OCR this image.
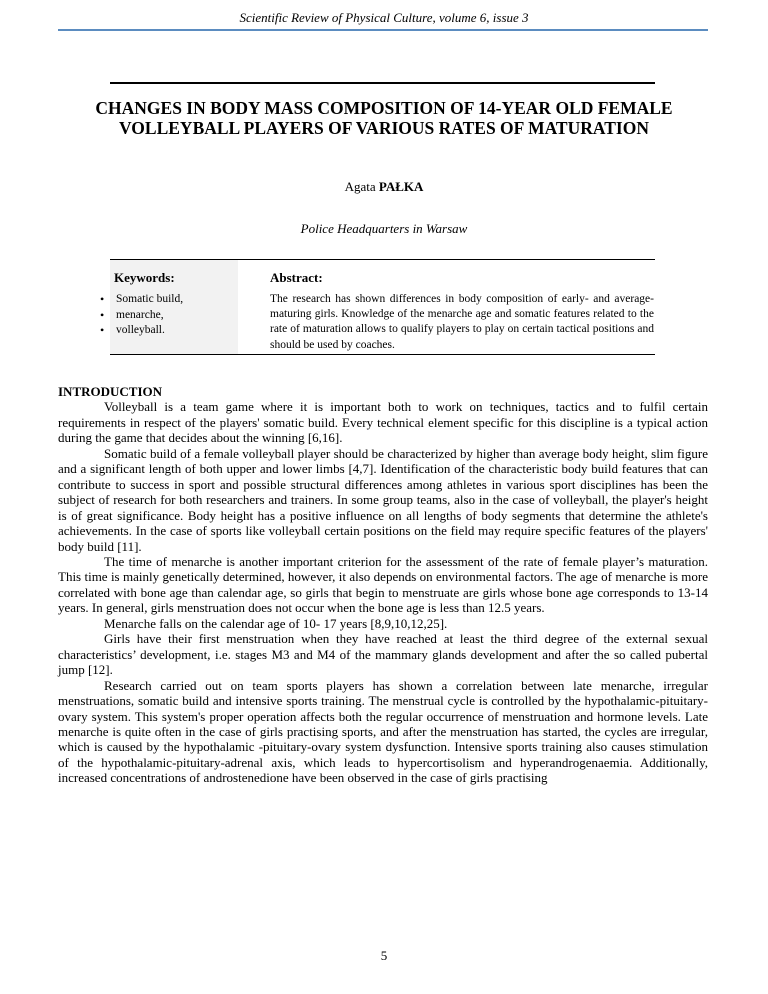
Scientific Review of Physical Culture, volume 6, issue 3
CHANGES IN BODY MASS COMPOSITION OF 14-YEAR OLD FEMALE VOLLEYBALL PLAYERS OF VARIOUS RATES OF MATURATION
Agata PAŁKA
Police Headquarters in Warsaw
Keywords:
• Somatic build,
• menarche,
• volleyball.
Abstract:
The research has shown differences in body composition of early- and average-maturing girls. Knowledge of the menarche age and somatic features related to the rate of maturation allows to qualify players to play on certain tactical positions and should be used by coaches.
INTRODUCTION

Volleyball is a team game where it is important both to work on techniques, tactics and to fulfil certain requirements in respect of the players' somatic build. Every technical element specific for this discipline is a typical action during the game that decides about the winning [6,16].

Somatic build of a female volleyball player should be characterized by higher than average body height, slim figure and a significant length of both upper and lower limbs [4,7]. Identification of the characteristic body build features that can contribute to success in sport and possible structural differences among athletes in various sport disciplines has been the subject of research for both researchers and trainers. In some group teams, also in the case of volleyball, the player's height is of great significance. Body height has a positive influence on all lengths of body segments that determine the athlete's achievements. In the case of sports like volleyball certain positions on the field may require specific features of the players' body build [11].

The time of menarche is another important criterion for the assessment of the rate of female player’s maturation. This time is mainly genetically determined, however, it also depends on environmental factors. The age of menarche is more correlated with bone age than calendar age, so girls that begin to menstruate are girls whose bone age corresponds to 13-14 years. In general, girls menstruation does not occur when the bone age is less than 12.5 years.

Menarche falls on the calendar age of 10- 17 years [8,9,10,12,25].

Girls have their first menstruation when they have reached at least the third degree of the external sexual characteristics’ development, i.e. stages M3 and M4 of the mammary glands development and after the so called pubertal jump [12].

Research carried out on team sports players has shown a correlation between late menarche, irregular menstruations, somatic build and intensive sports training. The menstrual cycle is controlled by the hypothalamic-pituitary-ovary system. This system's proper operation affects both the regular occurrence of menstruation and hormone levels. Late menarche is quite often in the case of girls practising sports, and after the menstruation has started, the cycles are irregular, which is caused by the hypothalamic -pituitary-ovary system dysfunction. Intensive sports training also causes stimulation of the hypothalamic-pituitary-adrenal axis, which leads to hypercortisolism and hyperandrogenaemia. Additionally, increased concentrations of androstenedione have been observed in the case of girls practising

5
